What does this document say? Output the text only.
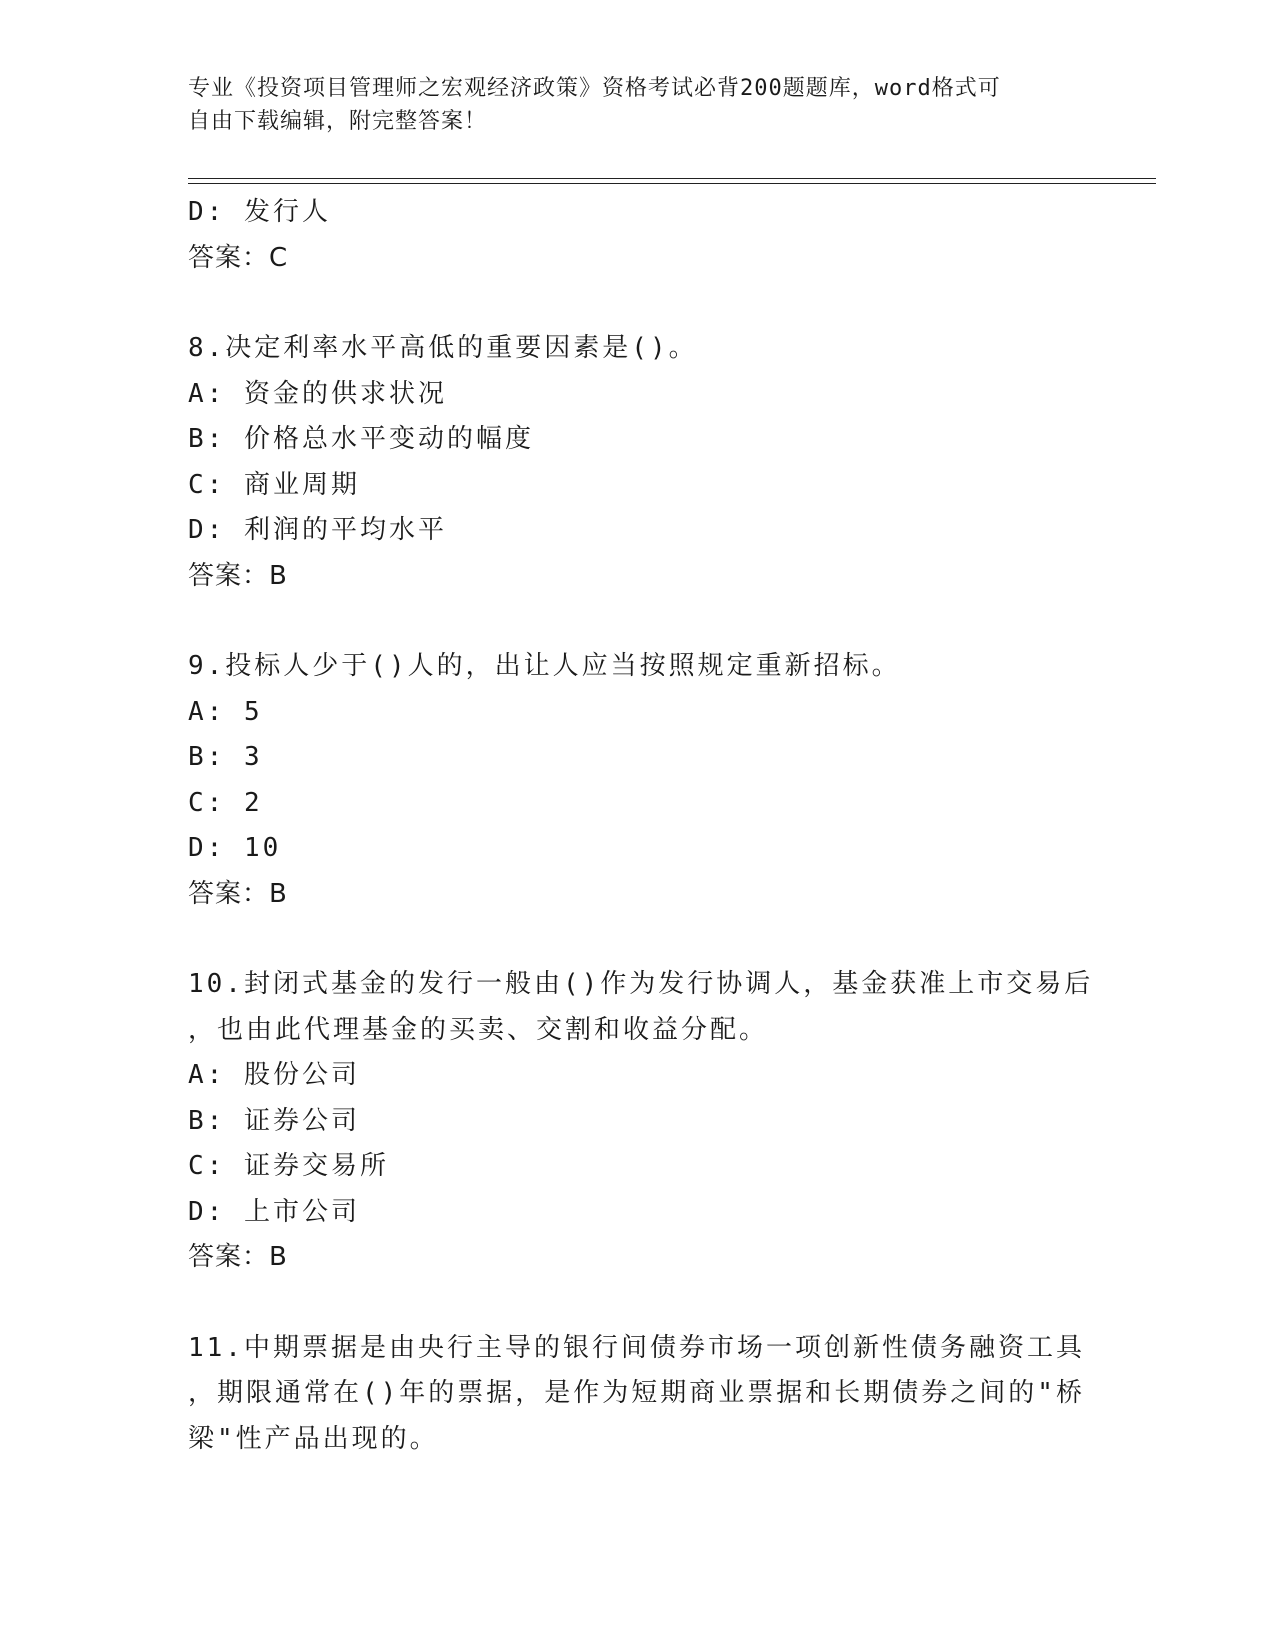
专业《投资项目管理师之宏观经济政策》资格考试必背200题题库，word格式可
自由下载编辑，附完整答案！
D: 发行人
答案：C
8.决定利率水平高低的重要因素是()。
A: 资金的供求状况
B: 价格总水平变动的幅度
C: 商业周期
D: 利润的平均水平
答案：B
9.投标人少于()人的，出让人应当按照规定重新招标。
A: 5
B: 3
C: 2
D: 10
答案：B
10.封闭式基金的发行一般由()作为发行协调人，基金获准上市交易后
，也由此代理基金的买卖、交割和收益分配。
A: 股份公司
B: 证券公司
C: 证券交易所
D: 上市公司
答案：B
11.中期票据是由央行主导的银行间债券市场一项创新性债务融资工具
，期限通常在()年的票据，是作为短期商业票据和长期债券之间的"桥
梁"性产品出现的。
